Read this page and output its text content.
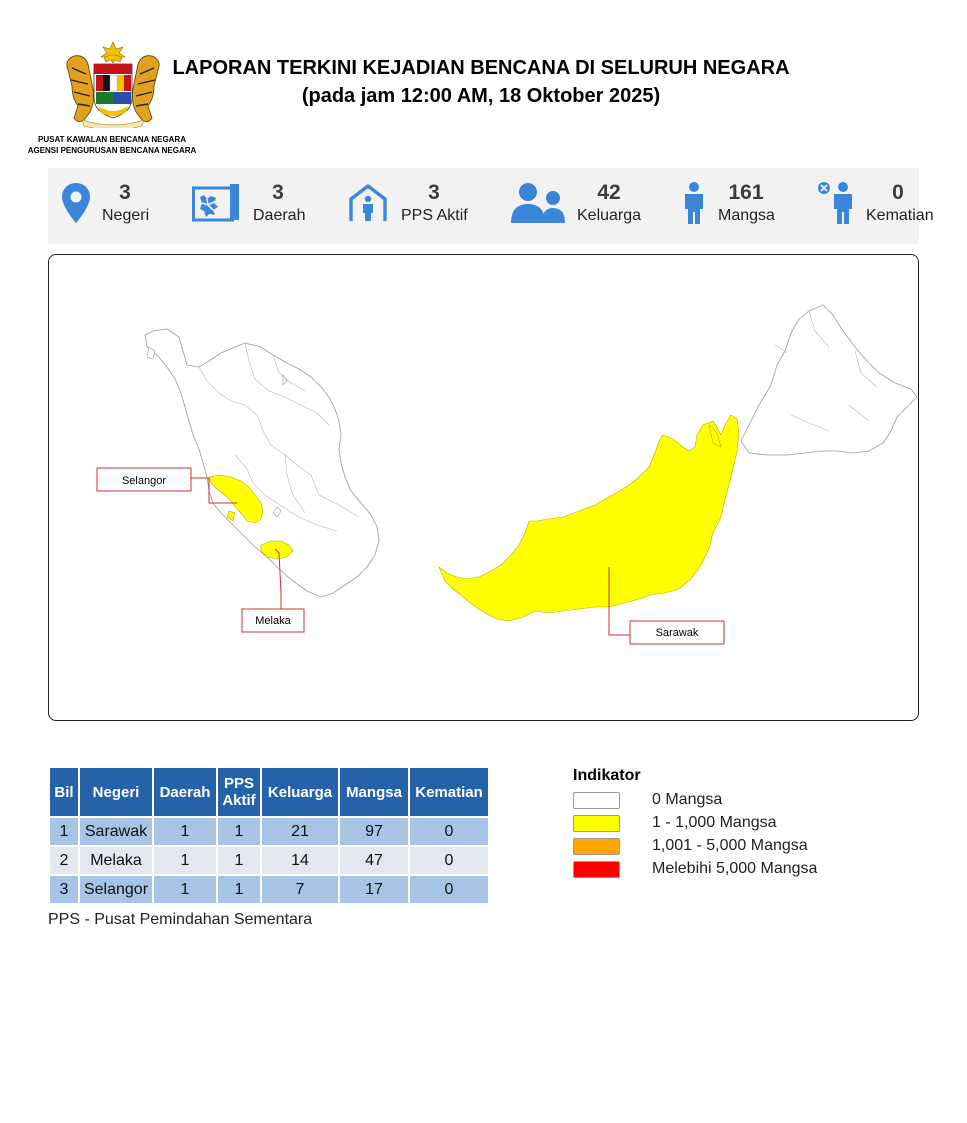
PUSAT KAWALAN BENCANA NEGARA
AGENSI PENGURUSAN BENCANA NEGARA
LAPORAN TERKINI KEJADIAN BENCANA DI SELURUH NEGARA
(pada jam 12:00 AM, 18 Oktober 2025)
3
Negeri
3
Daerah
3
PPS Aktif
42
Keluarga
161
Mangsa
0
Kematian
Selangor
Melaka
Sarawak
Bil	Negeri	Daerah	PPS Aktif	Keluarga	Mangsa	Kematian
1	Sarawak	1	1	21	97	0
2	Melaka	1	1	14	47	0
3	Selangor	1	1	7	17	0
PPS - Pusat Pemindahan Sementara
Indikator
0 Mangsa
1 - 1,000 Mangsa
1,001 - 5,000 Mangsa
Melebihi 5,000 Mangsa
